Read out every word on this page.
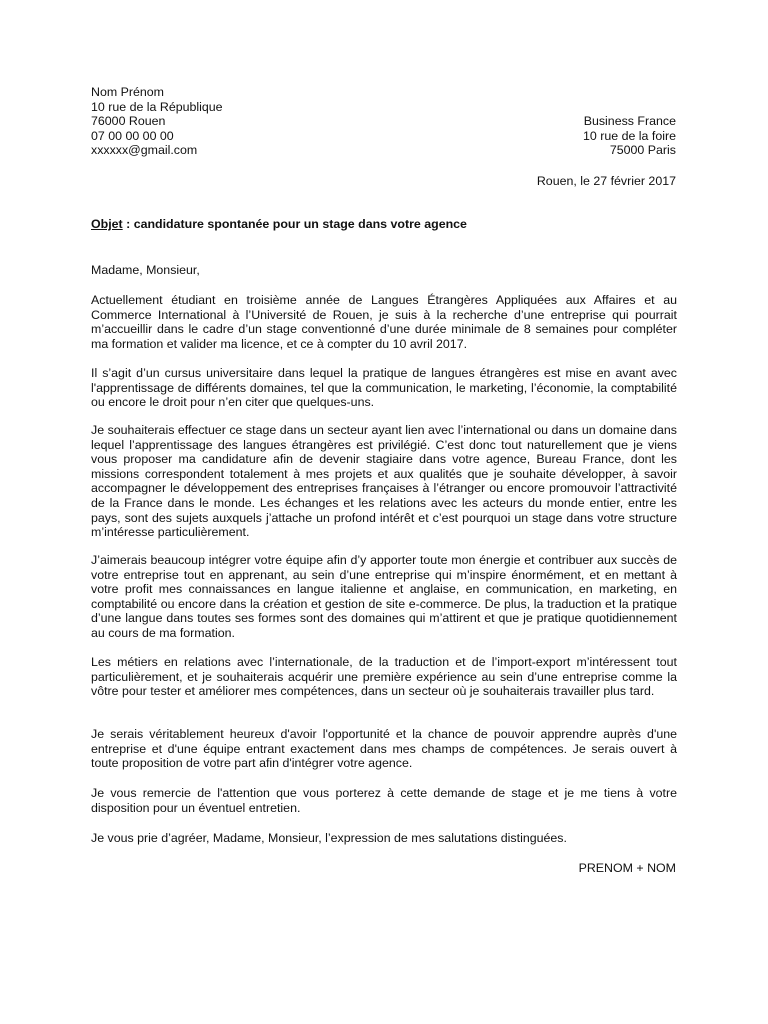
Nom Prénom
10 rue de la République
76000 Rouen
07 00 00 00 00
xxxxxx@gmail.com
Business France
10 rue de la foire
75000 Paris
Rouen, le 27 février 2017
Objet : candidature spontanée pour un stage dans votre agence
Madame, Monsieur,

Actuellement étudiant en troisième année de Langues Étrangères Appliquées aux Affaires et au Commerce International à l’Université de Rouen, je suis à la recherche d’une entreprise qui pourrait m’accueillir dans le cadre d’un stage conventionné d’une durée minimale de 8 semaines pour compléter ma formation et valider ma licence, et ce à compter du 10 avril 2017.

Il s’agit d’un cursus universitaire dans lequel la pratique de langues étrangères est mise en avant avec l'apprentissage de différents domaines, tel que la communication, le marketing, l’économie, la comptabilité ou encore le droit pour n’en citer que quelques-uns.

Je souhaiterais effectuer ce stage dans un secteur ayant lien avec l’international ou dans un domaine dans lequel l’apprentissage des langues étrangères est privilégié. C’est donc tout naturellement que je viens vous proposer ma candidature afin de devenir stagiaire dans votre agence, Bureau France, dont les missions correspondent totalement à mes projets et aux qualités que je souhaite développer, à savoir accompagner le développement des entreprises françaises à l’étranger ou encore promouvoir l’attractivité de la France dans le monde. Les échanges et les relations avec les acteurs du monde entier, entre les pays, sont des sujets auxquels j’attache un profond intérêt et c’est pourquoi un stage dans votre structure m’intéresse particulièrement.

J’aimerais beaucoup intégrer votre équipe afin d’y apporter toute mon énergie et contribuer aux succès de votre entreprise tout en apprenant, au sein d’une entreprise qui m’inspire énormément, et en mettant à votre profit mes connaissances en langue italienne et anglaise, en communication, en marketing, en comptabilité ou encore dans la création et gestion de site e-commerce. De plus, la traduction et la pratique d’une langue dans toutes ses formes sont des domaines qui m’attirent et que je pratique quotidiennement au cours de ma formation.

Les métiers en relations avec l’internationale, de la traduction et de l’import-export m’intéressent tout particulièrement, et je souhaiterais acquérir une première expérience au sein d’une entreprise comme la vôtre pour tester et améliorer mes compétences, dans un secteur où je souhaiterais travailler plus tard.

Je serais véritablement heureux d'avoir l'opportunité et la chance de pouvoir apprendre auprès d'une entreprise et d'une équipe entrant exactement dans mes champs de compétences. Je serais ouvert à toute proposition de votre part afin d'intégrer votre agence.

Je vous remercie de l'attention que vous porterez à cette demande de stage et je me tiens à votre disposition pour un éventuel entretien.

Je vous prie d’agréer, Madame, Monsieur, l’expression de mes salutations distinguées.

PRENOM + NOM
